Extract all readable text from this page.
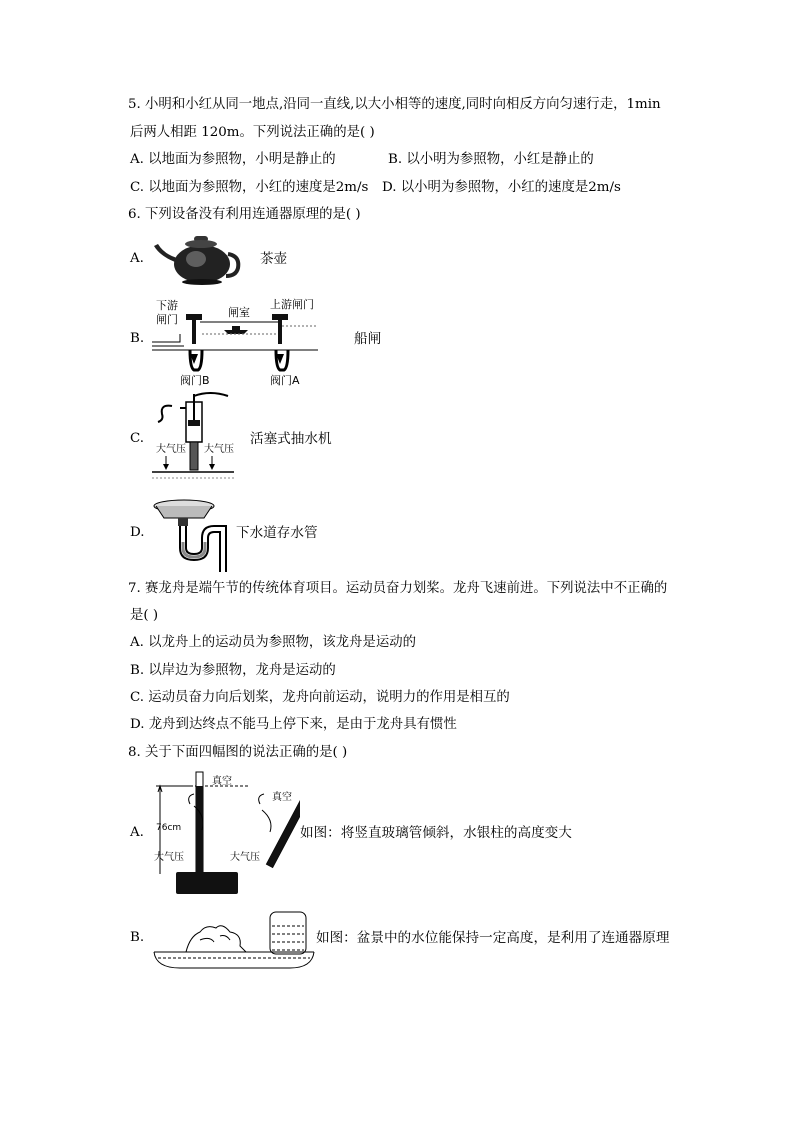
5. 小明和小红从同一地点,沿同一直线,以大小相等的速度,同时向相反方向匀速行走，1min
后两人相距 120m。下列说法正确的是( )
A. 以地面为参照物，小明是静止的	B. 以小明为参照物，小红是静止的
C. 以地面为参照物，小红的速度是2m/s D. 以小明为参照物，小红的速度是2m/s
6. 下列设备没有利用连通器原理的是( )
A.	茶壶
B.
下游
闸门
闸室
上游闸门
阀门B	阀门A
船闸
C.
大气压 大气压
活塞式抽水机
D.	下水道存水管
7. 赛龙舟是端午节的传统体育项目。运动员奋力划桨。龙舟飞速前进。下列说法中不正确的
是( )
A. 以龙舟上的运动员为参照物，该龙舟是运动的
B. 以岸边为参照物，龙舟是运动的
C. 运动员奋力向后划桨，龙舟向前运动，说明力的作用是相互的
D. 龙舟到达终点不能马上停下来，是由于龙舟具有惯性
8. 关于下面四幅图的说法正确的是( )
A.
真空
真空
76cm
大气压	大气压
如图：将竖直玻璃管倾斜，水银柱的高度变大
B.	如图：盆景中的水位能保持一定高度，是利用了连通器原理
